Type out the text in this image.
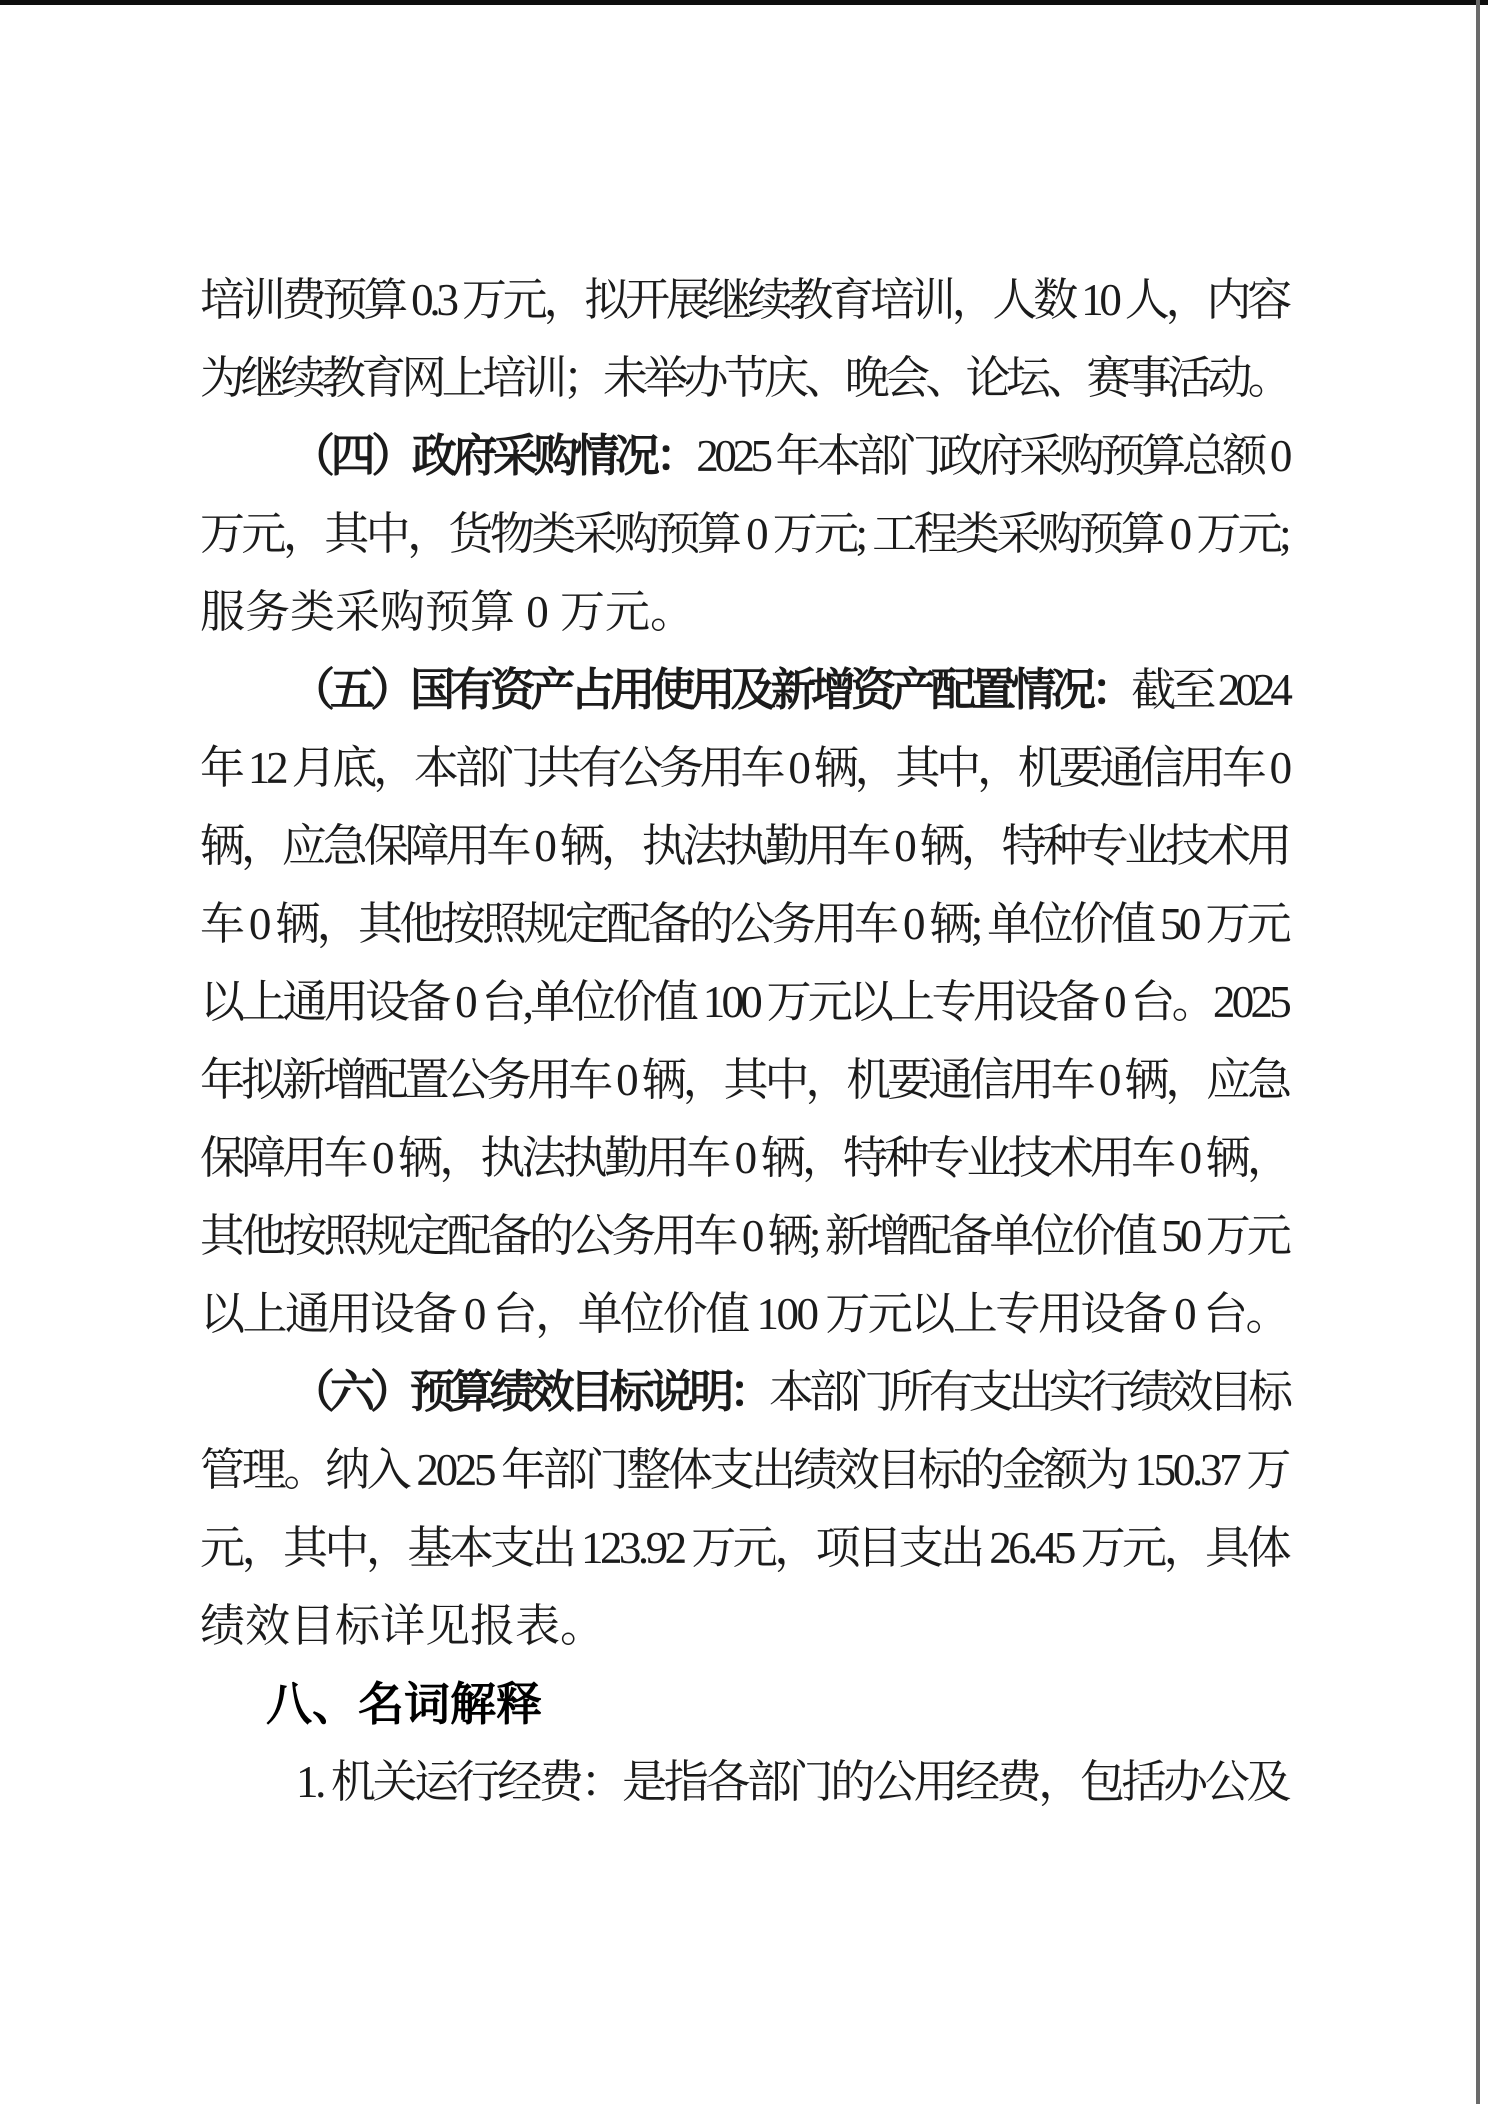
培训费预算 0.3 万元，拟开展继续教育培训，人数 10 人，内容
为继续教育网上培训；未举办节庆、晚会、论坛、赛事活动。
（四）政府采购情况：2025 年本部门政府采购预算总额 0
万元，其中，货物类采购预算 0 万元; 工程类采购预算 0 万元;
服务类采购预算 0 万元。
（五）国有资产占用使用及新增资产配置情况：截至 2024
年 12 月底，本部门共有公务用车 0 辆，其中，机要通信用车 0
辆，应急保障用车 0 辆，执法执勤用车 0 辆，特种专业技术用
车 0 辆，其他按照规定配备的公务用车 0 辆; 单位价值 50 万元
以上通用设备 0 台,单位价值 100 万元以上专用设备 0 台。2025
年拟新增配置公务用车 0 辆，其中，机要通信用车 0 辆，应急
保障用车 0 辆，执法执勤用车 0 辆，特种专业技术用车 0 辆，
其他按照规定配备的公务用车 0 辆; 新增配备单位价值 50 万元
以上通用设备 0 台，单位价值 100 万元以上专用设备 0 台。
（六）预算绩效目标说明：本部门所有支出实行绩效目标
管理。纳入 2025 年部门整体支出绩效目标的金额为 150.37 万
元，其中，基本支出 123.92 万元，项目支出 26.45 万元，具体
绩效目标详见报表。
八、名词解释
1. 机关运行经费：是指各部门的公用经费，包括办公及
